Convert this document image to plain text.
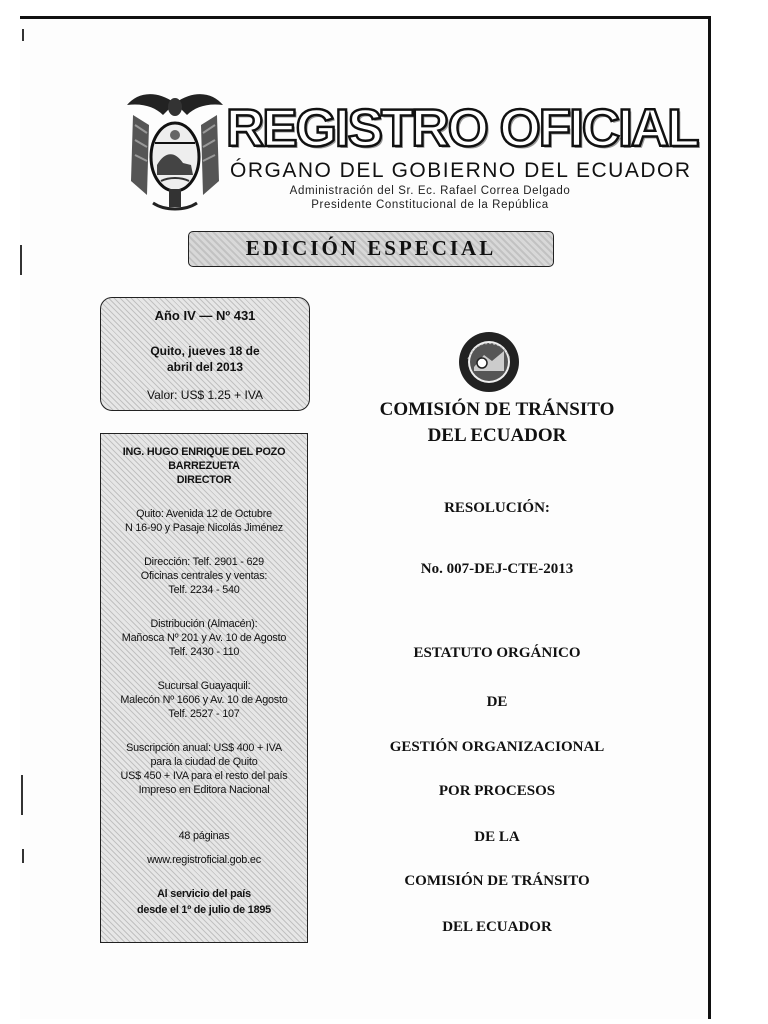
REGISTRO OFICIAL
ÓRGANO DEL GOBIERNO DEL ECUADOR
Administración del Sr. Ec. Rafael Correa Delgado
Presidente Constitucional de la República
EDICIÓN ESPECIAL
Año IV — Nº 431
Quito, jueves 18 de
abril del 2013
Valor: US$ 1.25 + IVA
ING. HUGO ENRIQUE DEL POZO
BARREZUETA
DIRECTOR
Quito: Avenida 12 de Octubre
N 16-90 y Pasaje Nicolás Jiménez
Dirección: Telf. 2901 - 629
Oficinas centrales y ventas:
Telf. 2234 - 540
Distribución (Almacén):
Mañosca Nº 201 y Av. 10 de Agosto
Telf. 2430 - 110
Sucursal Guayaquil:
Malecón Nº 1606 y Av. 10 de Agosto
Telf. 2527 - 107
Suscripción anual: US$ 400 + IVA
para la ciudad de Quito
US$ 450 + IVA para el resto del país
Impreso en Editora Nacional
48 páginas
www.registroficial.gob.ec
Al servicio del país
desde el 1º de julio de 1895
COMISIÓN DE TRÁNSITO
DEL ECUADOR
RESOLUCIÓN:
No. 007-DEJ-CTE-2013
ESTATUTO ORGÁNICO
DE
GESTIÓN ORGANIZACIONAL
POR PROCESOS
DE LA
COMISIÓN DE TRÁNSITO
DEL ECUADOR
